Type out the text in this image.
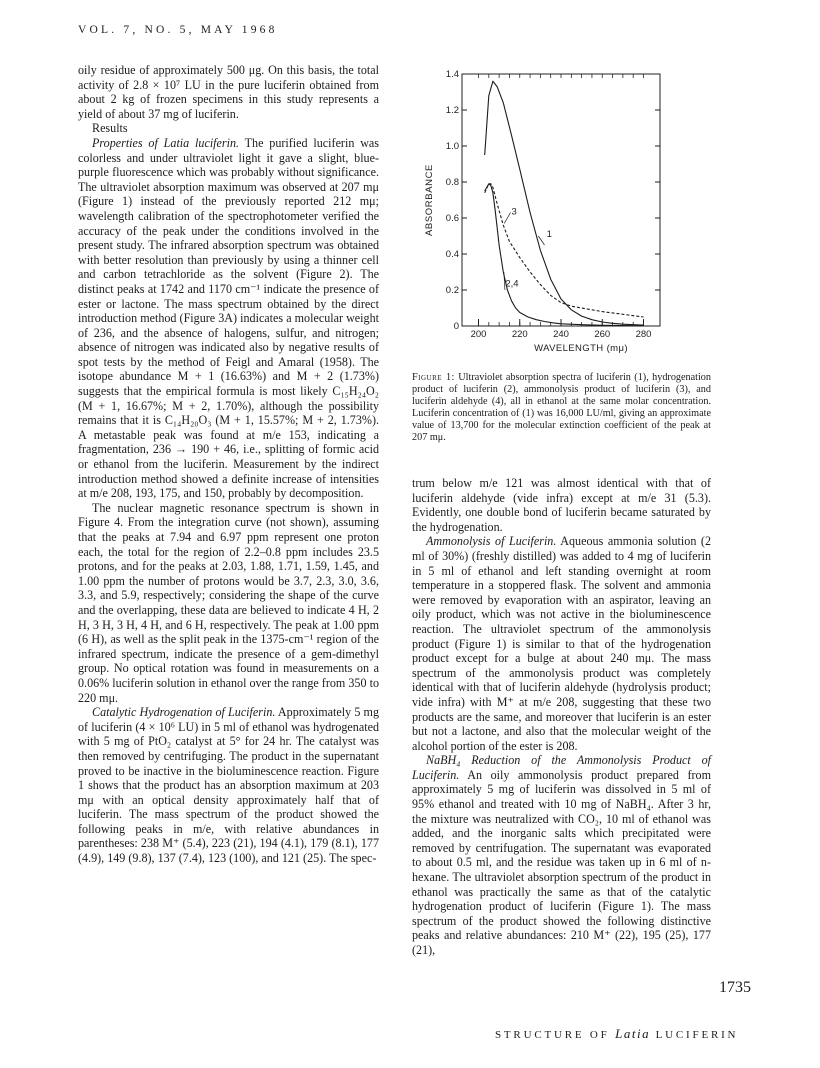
VOL. 7, NO. 5, MAY 1968

oily residue of approximately 500 μg. On this basis, the total activity of 2.8 × 10⁷ LU in the pure luciferin obtained from about 2 kg of frozen specimens in this study represents a yield of about 37 mg of luciferin.

Results

Properties of Latia luciferin. The purified luciferin was colorless and under ultraviolet light it gave a slight, blue-purple fluorescence which was probably without significance. The ultraviolet absorption maximum was observed at 207 mμ (Figure 1) instead of the previously reported 212 mμ; wavelength calibration of the spectrophotometer verified the accuracy of the peak under the conditions involved in the present study. The infrared absorption spectrum was obtained with better resolution than previously by using a thinner cell and carbon tetrachloride as the solvent (Figure 2). The distinct peaks at 1742 and 1170 cm⁻¹ indicate the presence of ester or lactone. The mass spectrum obtained by the direct introduction method (Figure 3A) indicates a molecular weight of 236, and the absence of halogens, sulfur, and nitrogen; absence of nitrogen was indicated also by negative results of spot tests by the method of Feigl and Amaral (1958). The isotope abundance M + 1 (16.63%) and M + 2 (1.73%) suggests that the empirical formula is most likely C₁₅H₂₄O₂ (M + 1, 16.67%; M + 2, 1.70%), although the possibility remains that it is C₁₄H₂₀O₃ (M + 1, 15.57%; M + 2, 1.73%). A metastable peak was found at m/e 153, indicating a fragmentation, 236 → 190 + 46, i.e., splitting of formic acid or ethanol from the luciferin. Measurement by the indirect introduction method showed a definite increase of intensities at m/e 208, 193, 175, and 150, probably by decomposition.

The nuclear magnetic resonance spectrum is shown in Figure 4. From the integration curve (not shown), assuming that the peaks at 7.94 and 6.97 ppm represent one proton each, the total for the region of 2.2–0.8 ppm includes 23.5 protons, and for the peaks at 2.03, 1.88, 1.71, 1.59, 1.45, and 1.00 ppm the number of protons would be 3.7, 2.3, 3.0, 3.6, 3.3, and 5.9, respectively; considering the shape of the curve and the overlapping, these data are believed to indicate 4 H, 2 H, 3 H, 3 H, 4 H, and 6 H, respectively. The peak at 1.00 ppm (6 H), as well as the split peak in the 1375-cm⁻¹ region of the infrared spectrum, indicate the presence of a gem-dimethyl group. No optical rotation was found in measurements on a 0.06% luciferin solution in ethanol over the range from 350 to 220 mμ.

Catalytic Hydrogenation of Luciferin. Approximately 5 mg of luciferin (4 × 10⁶ LU) in 5 ml of ethanol was hydrogenated with 5 mg of PtO₂ catalyst at 5° for 24 hr. The catalyst was then removed by centrifuging. The product in the supernatant proved to be inactive in the bioluminescence reaction. Figure 1 shows that the product has an absorption maximum at 203 mμ with an optical density approximately half that of luciferin. The mass spectrum of the product showed the following peaks in m/e, with relative abundances in parentheses: 238 M⁺ (5.4), 223 (21), 194 (4.1), 179 (8.1), 177 (4.9), 149 (9.8), 137 (7.4), 123 (100), and 121 (25). The spec-

0
0.2
0.4
0.6
0.8
1.0
1.2
1.4
200	220	240	260	280
ABSORBANCE
WAVELENGTH (mμ)
1
3
2,4
Figure 1: Ultraviolet absorption spectra of luciferin (1), hydrogenation product of luciferin (2), ammonolysis product of luciferin (3), and luciferin aldehyde (4), all in ethanol at the same molar concentration. Luciferin concentration of (1) was 16,000 LU/ml, giving an approximate value of 13,700 for the molecular extinction coefficient of the peak at 207 mμ.

trum below m/e 121 was almost identical with that of luciferin aldehyde (vide infra) except at m/e 31 (5.3). Evidently, one double bond of luciferin became saturated by the hydrogenation.

Ammonolysis of Luciferin. Aqueous ammonia solution (2 ml of 30%) (freshly distilled) was added to 4 mg of luciferin in 5 ml of ethanol and left standing overnight at room temperature in a stoppered flask. The solvent and ammonia were removed by evaporation with an aspirator, leaving an oily product, which was not active in the bioluminescence reaction. The ultraviolet spectrum of the ammonolysis product (Figure 1) is similar to that of the hydrogenation product except for a bulge at about 240 mμ. The mass spectrum of the ammonolysis product was completely identical with that of luciferin aldehyde (hydrolysis product; vide infra) with M⁺ at m/e 208, suggesting that these two products are the same, and moreover that luciferin is an ester but not a lactone, and also that the molecular weight of the alcohol portion of the ester is 208.

NaBH₄ Reduction of the Ammonolysis Product of Luciferin. An oily ammonolysis product prepared from approximately 5 mg of luciferin was dissolved in 5 ml of 95% ethanol and treated with 10 mg of NaBH₄. After 3 hr, the mixture was neutralized with CO₂, 10 ml of ethanol was added, and the inorganic salts which precipitated were removed by centrifugation. The supernatant was evaporated to about 0.5 ml, and the residue was taken up in 6 ml of n-hexane. The ultraviolet absorption spectrum of the product in ethanol was practically the same as that of the catalytic hydrogenation product of luciferin (Figure 1). The mass spectrum of the product showed the following distinctive peaks and relative abundances: 210 M⁺ (22), 195 (25), 177 (21),

1735
STRUCTURE OF Latia LUCIFERIN
